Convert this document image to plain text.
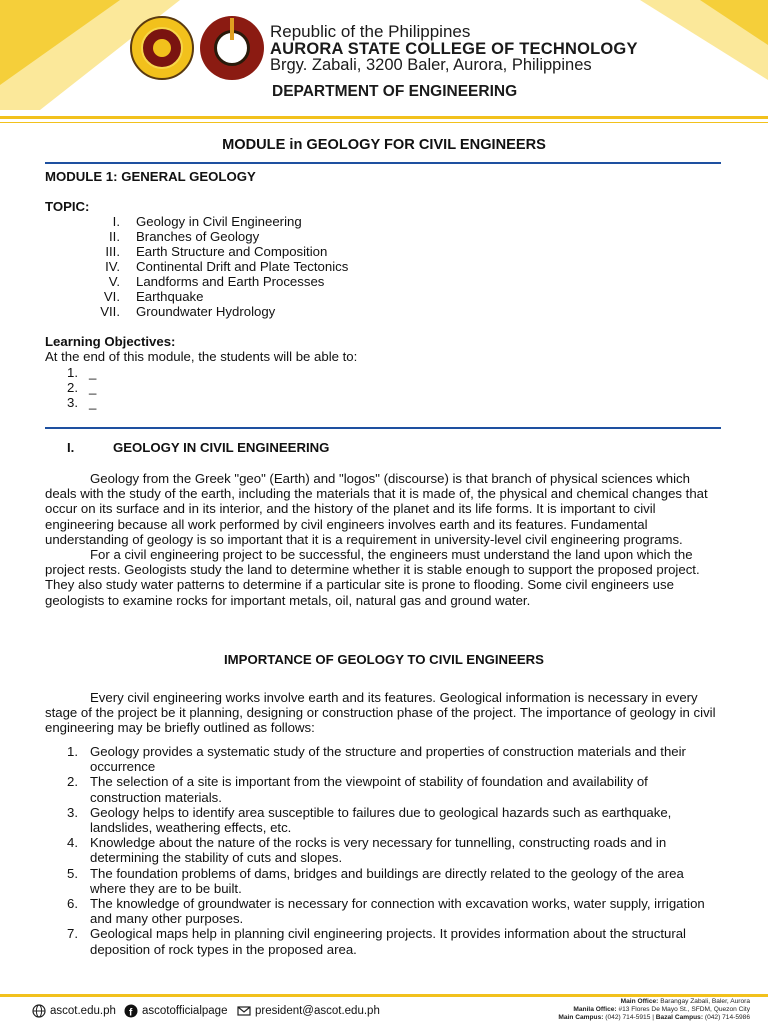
Republic of the Philippines
AURORA STATE COLLEGE OF TECHNOLOGY
Brgy. Zabali, 3200 Baler, Aurora, Philippines
DEPARTMENT OF ENGINEERING
MODULE in GEOLOGY FOR CIVIL ENGINEERS
MODULE 1: GENERAL GEOLOGY
TOPIC:
I. Geology in Civil Engineering
II. Branches of Geology
III. Earth Structure and Composition
IV. Continental Drift and Plate Tectonics
V. Landforms and Earth Processes
VI. Earthquake
VII. Groundwater Hydrology
Learning Objectives:
At the end of this module, the students will be able to:
1. _
2. _
3. _
I.	GEOLOGY IN CIVIL ENGINEERING

Geology from the Greek "geo" (Earth) and "logos" (discourse) is that branch of physical sciences which deals with the study of the earth, including the materials that it is made of, the physical and chemical changes that occur on its surface and in its interior, and the history of the planet and its life forms. It is important to civil engineering because all work performed by civil engineers involves earth and its features. Fundamental understanding of geology is so important that it is a requirement in university-level civil engineering programs.

For a civil engineering project to be successful, the engineers must understand the land upon which the project rests. Geologists study the land to determine whether it is stable enough to support the proposed project. They also study water patterns to determine if a particular site is prone to flooding. Some civil engineers use geologists to examine rocks for important metals, oil, natural gas and ground water.

IMPORTANCE OF GEOLOGY TO CIVIL ENGINEERS

Every civil engineering works involve earth and its features. Geological information is necessary in every stage of the project be it planning, designing or construction phase of the project. The importance of geology in civil engineering may be briefly outlined as follows:

1. Geology provides a systematic study of the structure and properties of construction materials and their occurrence
2. The selection of a site is important from the viewpoint of stability of foundation and availability of construction materials.
3. Geology helps to identify area susceptible to failures due to geological hazards such as earthquake, landslides, weathering effects, etc.
4. Knowledge about the nature of the rocks is very necessary for tunnelling, constructing roads and in determining the stability of cuts and slopes.
5. The foundation problems of dams, bridges and buildings are directly related to the geology of the area where they are to be built.
6. The knowledge of groundwater is necessary for connection with excavation works, water supply, irrigation and many other purposes.
7. Geological maps help in planning civil engineering projects. It provides information about the structural deposition of rock types in the proposed area.
ascot.edu.ph f ascotofficialpage president@ascot.edu.ph
Main Office: Barangay Zabali, Baler, Aurora
Manila Office: #13 Flores De Mayo St., SFDM, Quezon City
Main Campus: (042) 714-5915 | Bazal Campus: (042) 714-5986
